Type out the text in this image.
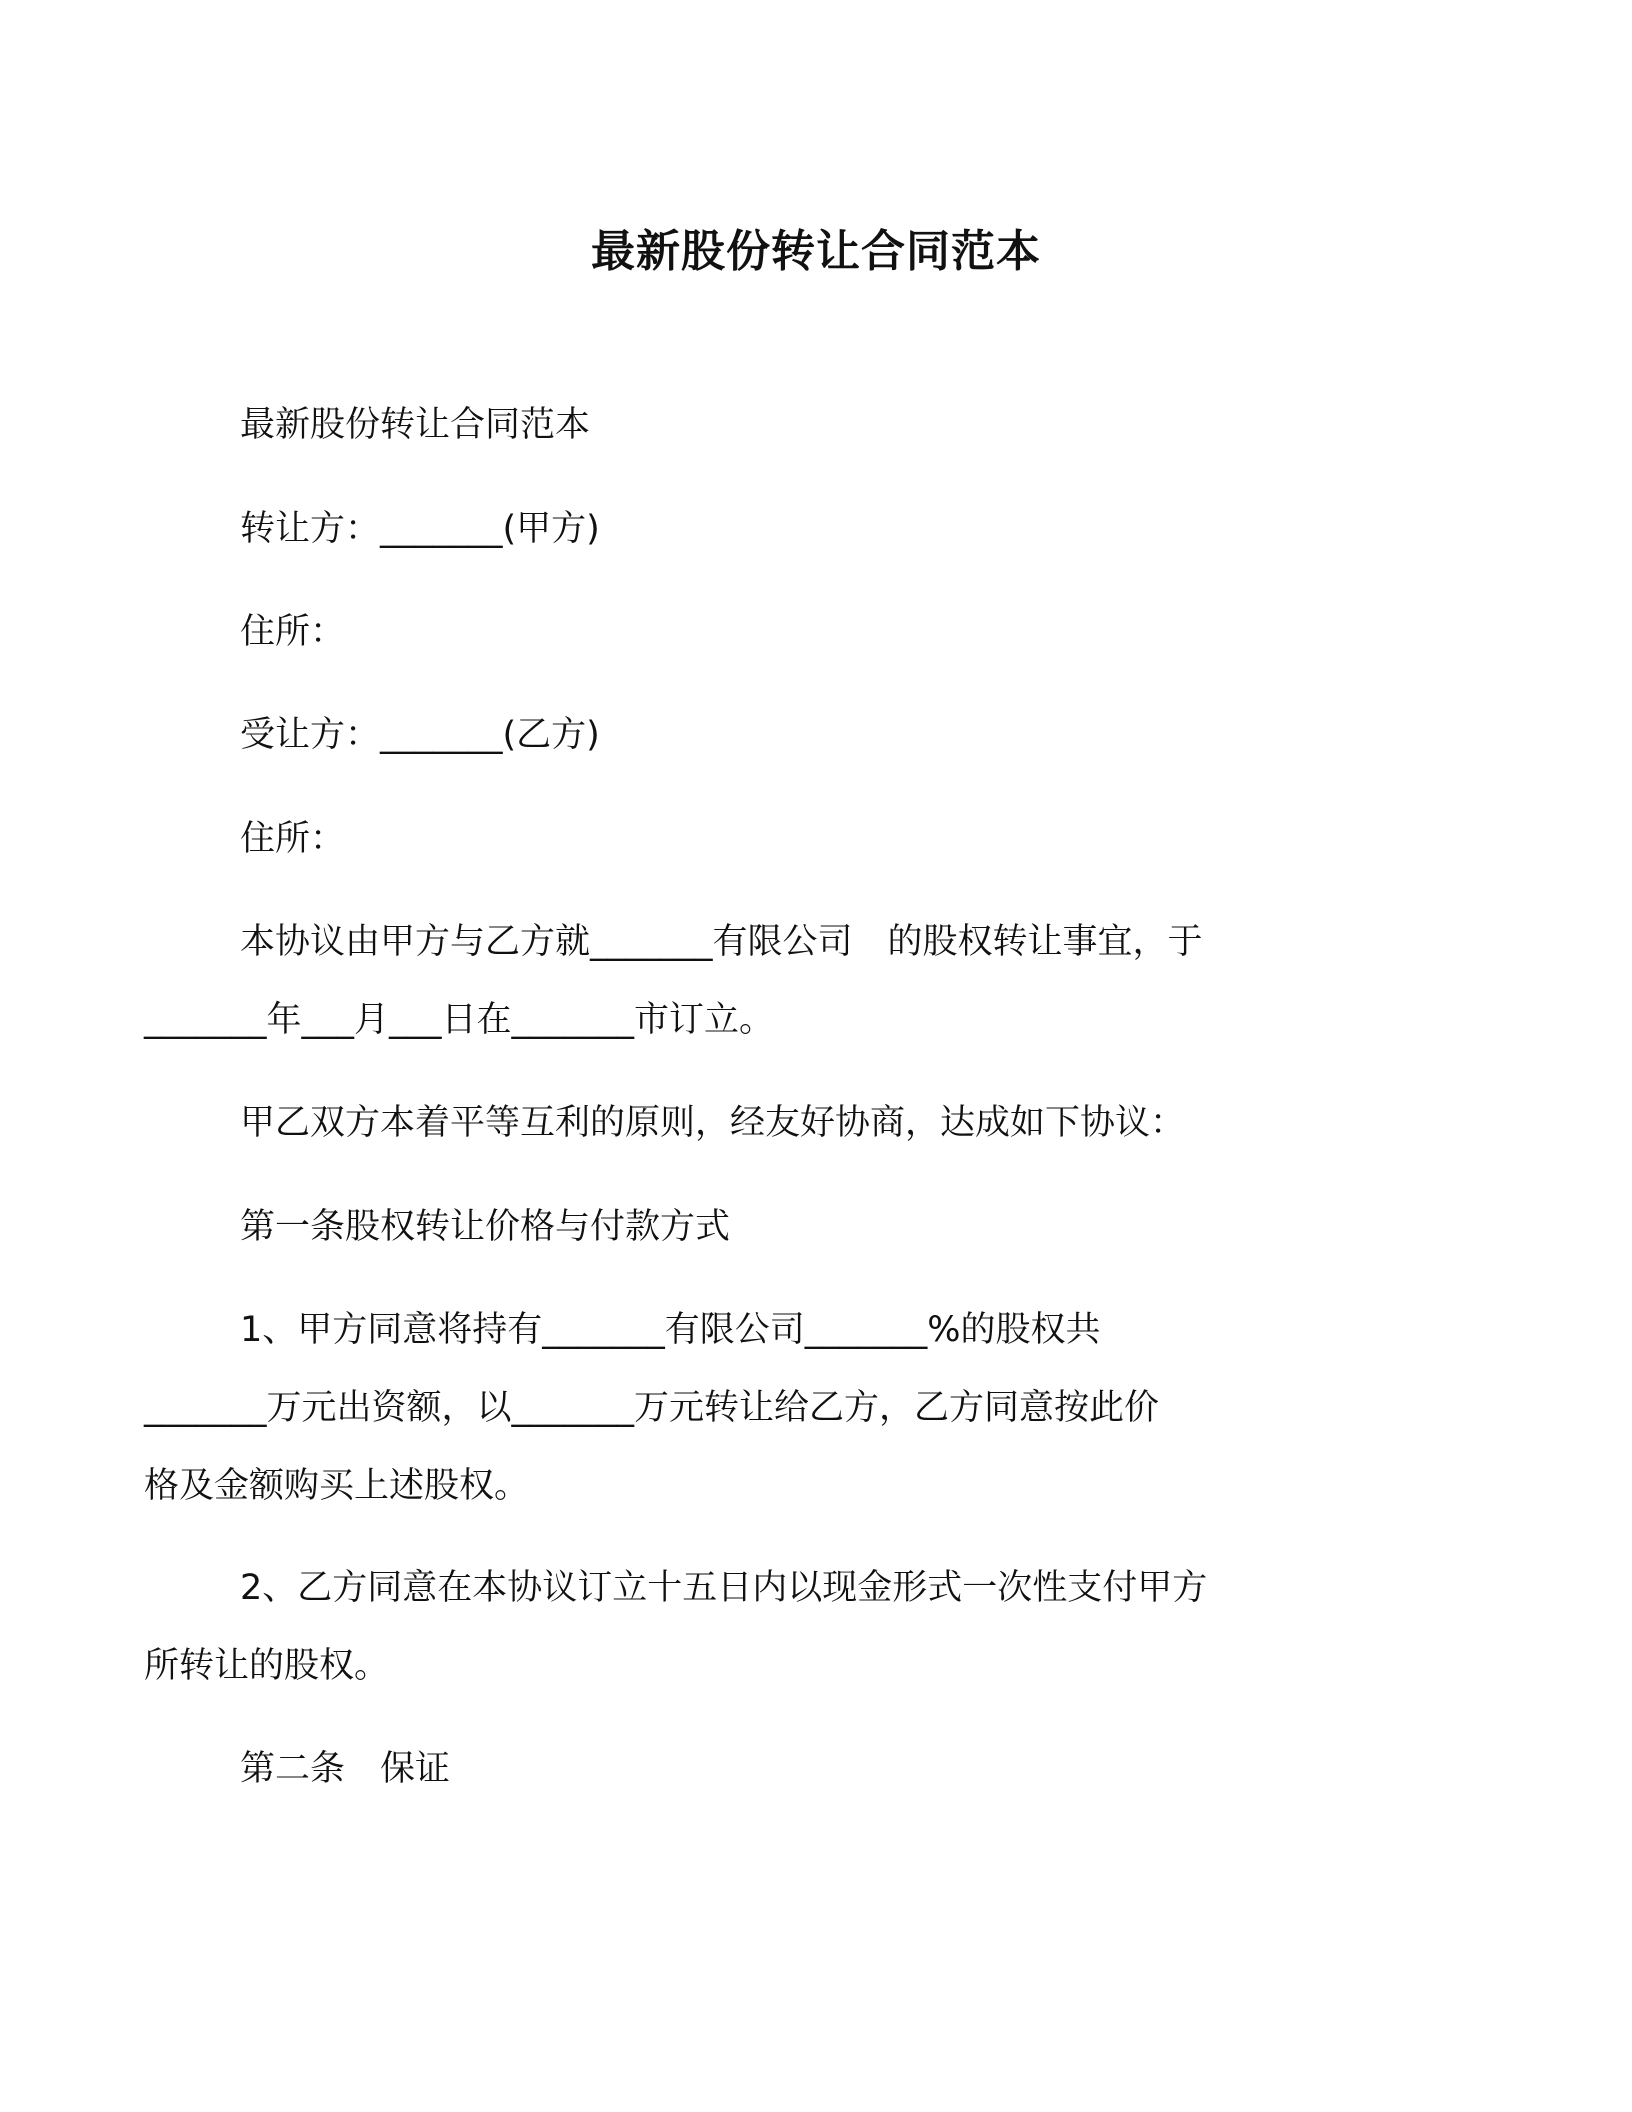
最新股份转让合同范本
最新股份转让合同范本
转让方：_______(甲方)
住所：
受让方：_______(乙方)
住所：
本协议由甲方与乙方就_______有限公司　的股权转让事宜，于
_______年___月___日在_______市订立。
甲乙双方本着平等互利的原则，经友好协商，达成如下协议：
第一条股权转让价格与付款方式
1、甲方同意将持有_______有限公司_______%的股权共
_______万元出资额，以_______万元转让给乙方，乙方同意按此价
格及金额购买上述股权。
2、乙方同意在本协议订立十五日内以现金形式一次性支付甲方
所转让的股权。
第二条　保证
